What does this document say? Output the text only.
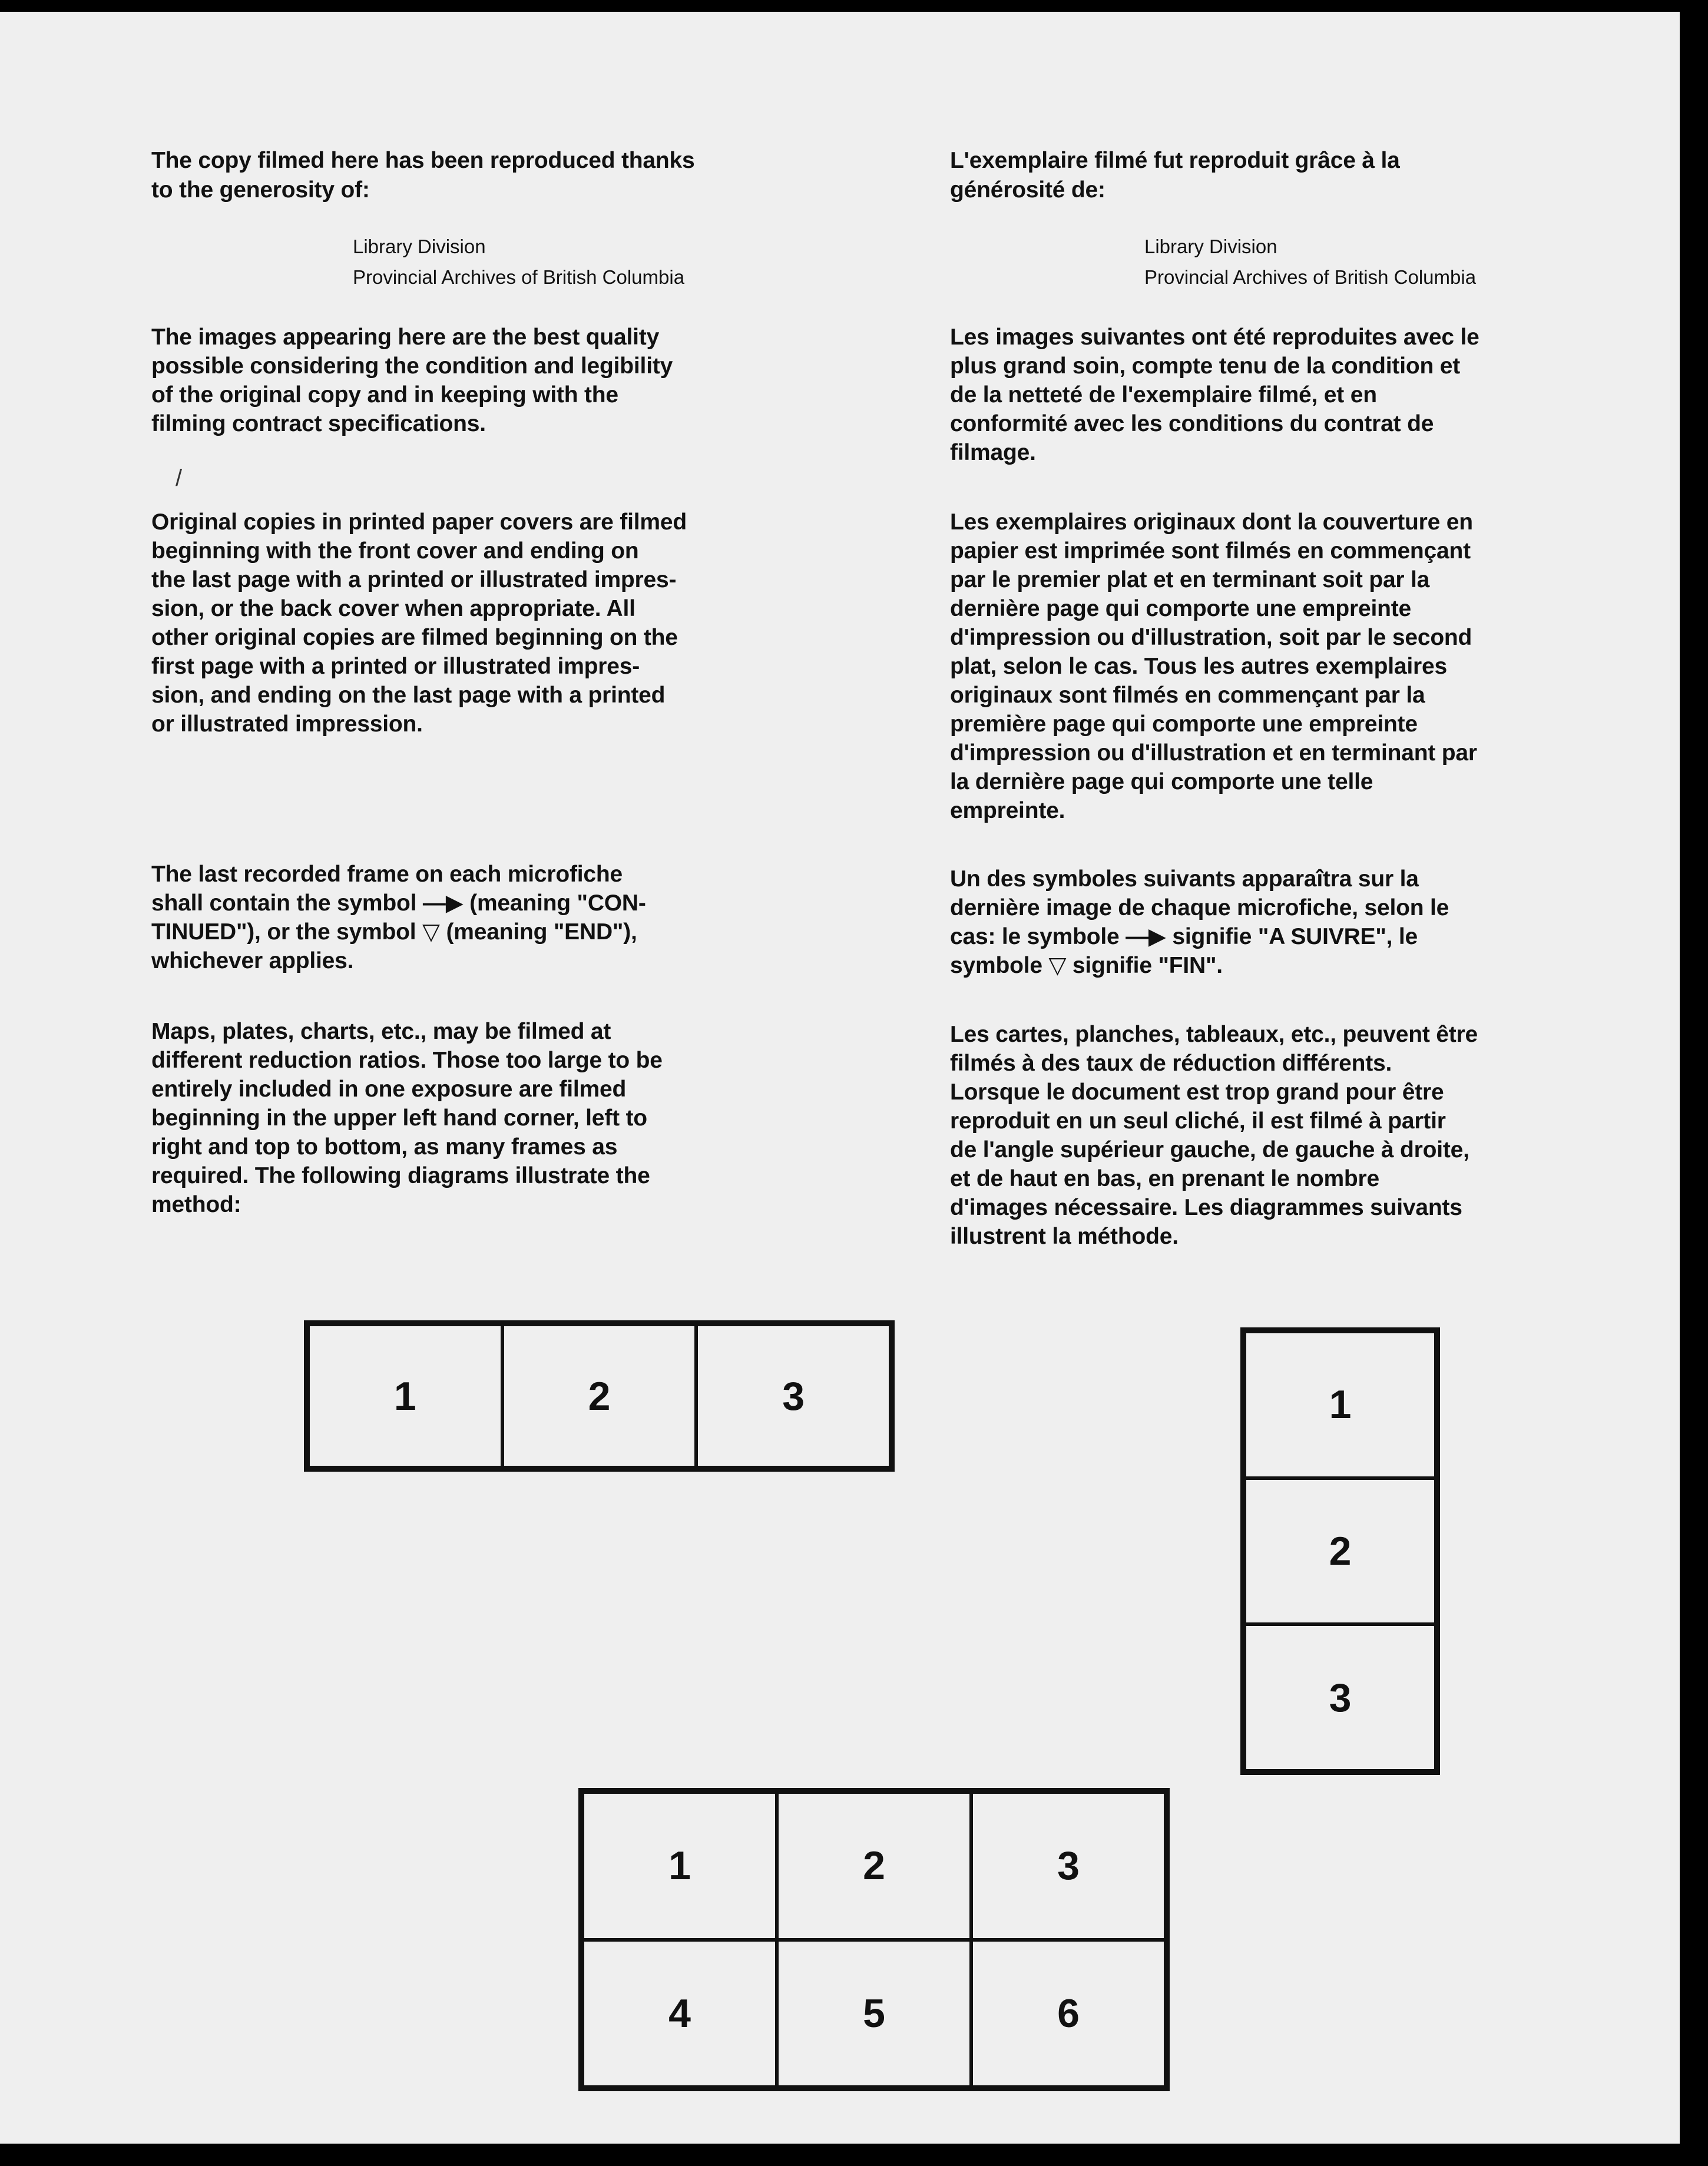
The copy filmed here has been reproduced thanks
to the generosity of:
Library Division
Provincial Archives of British Columbia
The images appearing here are the best quality
possible considering the condition and legibility
of the original copy and in keeping with the
filming contract specifications.
Original copies in printed paper covers are filmed
beginning with the front cover and ending on
the last page with a printed or illustrated impres-
sion, or the back cover when appropriate. All
other original copies are filmed beginning on the
first page with a printed or illustrated impres-
sion, and ending on the last page with a printed
or illustrated impression.
The last recorded frame on each microfiche
shall contain the symbol —▶ (meaning "CON-
TINUED"), or the symbol ▽ (meaning "END"),
whichever applies.
Maps, plates, charts, etc., may be filmed at
different reduction ratios. Those too large to be
entirely included in one exposure are filmed
beginning in the upper left hand corner, left to
right and top to bottom, as many frames as
required. The following diagrams illustrate the
method:
L'exemplaire filmé fut reproduit grâce à la
générosité de:
Library Division
Provincial Archives of British Columbia
Les images suivantes ont été reproduites avec le
plus grand soin, compte tenu de la condition et
de la netteté de l'exemplaire filmé, et en
conformité avec les conditions du contrat de
filmage.
Les exemplaires originaux dont la couverture en
papier est imprimée sont filmés en commençant
par le premier plat et en terminant soit par la
dernière page qui comporte une empreinte
d'impression ou d'illustration, soit par le second
plat, selon le cas. Tous les autres exemplaires
originaux sont filmés en commençant par la
première page qui comporte une empreinte
d'impression ou d'illustration et en terminant par
la dernière page qui comporte une telle
empreinte.
Un des symboles suivants apparaîtra sur la
dernière image de chaque microfiche, selon le
cas: le symbole —▶ signifie "A SUIVRE", le
symbole ▽ signifie "FIN".
Les cartes, planches, tableaux, etc., peuvent être
filmés à des taux de réduction différents.
Lorsque le document est trop grand pour être
reproduit en un seul cliché, il est filmé à partir
de l'angle supérieur gauche, de gauche à droite,
et de haut en bas, en prenant le nombre
d'images nécessaire. Les diagrammes suivants
illustrent la méthode.
1	2	3	1
2
3
1	2	3
4	5	6
/
